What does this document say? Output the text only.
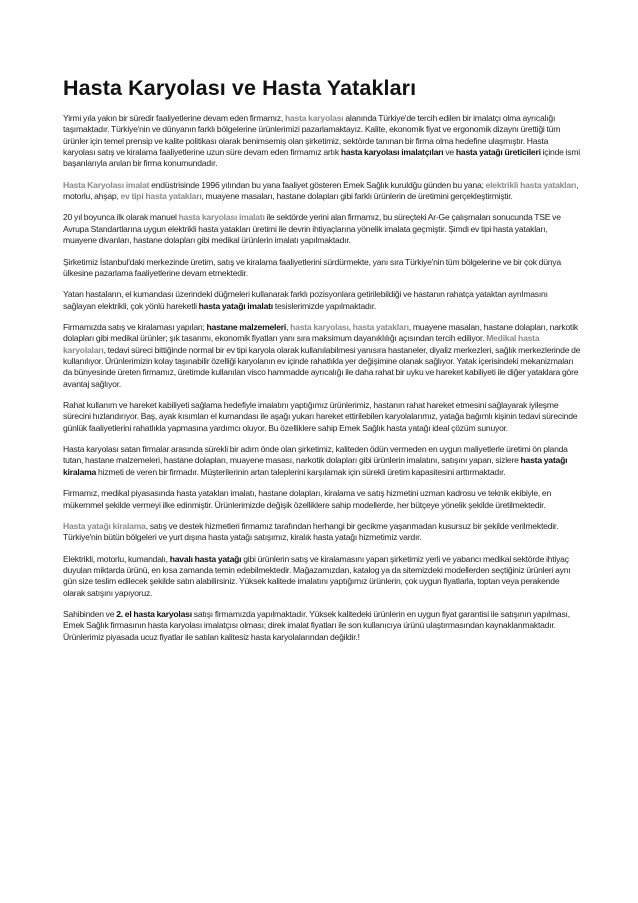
Hasta Karyolası ve Hasta Yatakları

Yirmi yıla yakın bir süredir faaliyetlerine devam eden firmamız, hasta karyolası alanında Türkiye'de tercih edilen bir imalatçı olma ayrıcalığı taşımaktadır. Türkiye'nin ve dünyanın farklı bölgelerine ürünlerimizi pazarlamaktayız. Kalite, ekonomik fiyat ve ergonomik dizaynı ürettiği tüm ürünler için temel prensip ve kalite politikası olarak benimsemiş olan şirketimiz, sektörde tanınan bir firma olma hedefine ulaşmıştır. Hasta karyolası satış ve kiralama faaliyetlerine uzun süre devam eden firmamız artık hasta karyolası imalatçıları ve hasta yatağı üreticileri içinde ismi başarılarıyla anılan bir firma konumundadır.

Hasta Karyolası imalat endüstrisinde 1996 yılından bu yana faaliyet gösteren Emek Sağlık kuruldğu günden bu yana; elektrikli hasta yatakları, motorlu, ahşap, ev tipi hasta yatakları, muayene masaları, hastane dolapları gibi farklı ürünlerin de üretimini gerçekleştirmiştir.

20 yıl boyunca ilk olarak manuel hasta karyolası imalatı ile sektörde yerini alan firmamız, bu süreçteki Ar-Ge çalışmaları sonucunda TSE ve Avrupa Standartlarına uygun elektrikli hasta yatakları üretimi ile devrin ihtiyaçlarına yönelik imalata geçmiştir. Şimdi ev tipi hasta yatakları, muayene divanları, hastane dolapları gibi medikal ürünlerin imalatı yapılmaktadır.

Şirketimiz İstanbul'daki merkezinde üretim, satış ve kiralama faaliyetlerini sürdürmekte, yanı sıra Türkiye'nin tüm bölgelerine ve bir çok dünya ülkesine pazarlama faaliyetlerine devam etmektedir.

Yatan hastaların, el kumandası üzerindeki düğmeleri kullanarak farklı pozisyonlara getirilebildiği ve hastanın rahatça yataktan ayrılmasını sağlayan elektrikli, çok yönlü hareketli hasta yatağı imalatı tesislerimizde yapılmaktadır.

Firmamızda satış ve kiralaması yapılan; hastane malzemeleri, hasta karyolası, hasta yatakları, muayene masaları, hastane dolapları, narkotik dolapları gibi medikal ürünler; şık tasarımı, ekonomik fiyatları yanı sıra maksimum dayanıklılığı açısından tercih ediliyor. Medikal hasta karyolaları, tedavi süreci bittiğinde normal bir ev tipi karyola olarak kullanılabilmesi yanısıra hastaneler, diyaliz merkezleri, sağlık merkezlerinde de kullanılıyor. Ürünlerimizin kolay taşınabilir özelliği karyolanın ev içinde rahatlıkla yer değişimine olanak sağlıyor. Yatak içerisindeki mekanizmaları da bünyesinde üreten firmamız, üretimde kullanılan visco hammadde ayrıcalığı ile daha rahat bir uyku ve hareket kabiliyeti ile diğer yataklara göre avantaj sağlıyor.

Rahat kullanım ve hareket kabiliyeti sağlama hedefiyle imalatını yaptığımız ürünlerimiz, hastanın rahat hareket etmesini sağlayarak iyileşme sürecini hızlandırıyor. Baş, ayak kısımları el kumandası ile aşağı yukarı hareket ettirilebilen karyolalarımız, yatağa bağımlı kişinin tedavi sürecinde günlük faaliyetlerini rahatlıkla yapmasına yardımcı oluyor. Bu özelliklere sahip Emek Sağlık hasta yatağı ideal çözüm sunuyor.

Hasta karyolası satan firmalar arasında sürekli bir adım önde olan şirketimiz, kaliteden ödün vermeden en uygun maliyetlerle üretimi ön planda tutan, hastane malzemeleri, hastane dolapları, muayene masası, narkotik dolapları gibi ürünlerin imalatını, satışını yapan, sizlere hasta yatağı kiralama hizmeti de veren bir firmadır. Müşterilerinin artan taleplerini karşılamak için sürekli üretim kapasitesini arttırmaktadır.

Firmamız, medikal piyasasında hasta yatakları imalatı, hastane dolapları, kiralama ve satış hizmetini uzman kadrosu ve teknik ekibiyle, en mükemmel şekilde vermeyi ilke edinmiştir. Ürünlerimizde değişik özelliklere sahip modellerde, her bütçeye yönelik şekilde üretilmektedir.

Hasta yatağı kiralama, satış ve destek hizmetleri firmamız tarafından herhangi bir gecikme yaşanmadan kusursuz bir şekilde verilmektedir. Türkiye'nin bütün bölgeleri ve yurt dışına hasta yatağı satışımız, kiralık hasta yatağı hizmetimiz vardır.

Elektrikli, motorlu, kumandalı, havalı hasta yatağı gibi ürünlerin satış ve kiralamasını yapan şirketimiz yerli ve yabancı medikal sektörde ihtiyaç duyulan miktarda ürünü, en kısa zamanda temin edebilmektedir. Mağazamızdan, katalog ya da sitemizdeki modellerden seçtiğiniz ürünleri aynı gün size teslim edilecek şekilde satın alabilirsiniz. Yüksek kalitede imalatını yaptığımız ürünlerin, çok uygun fiyatlarla, toptan veya perakende olarak satışını yapıyoruz.

Sahibinden ve 2. el hasta karyolası satışı firmamızda yapılmaktadır. Yüksek kalitedeki ürünlerin en uygun fiyat garantisi ile satışının yapılması, Emek Sağlık firmasının hasta karyolası imalatçısı olması; direk imalat fiyatları ile son kullanıcıya ürünü ulaştırmasından kaynaklanmaktadır. Ürünlerimiz piyasada ucuz fiyatlar ile satılan kalitesiz hasta karyolalarından değildir.!
